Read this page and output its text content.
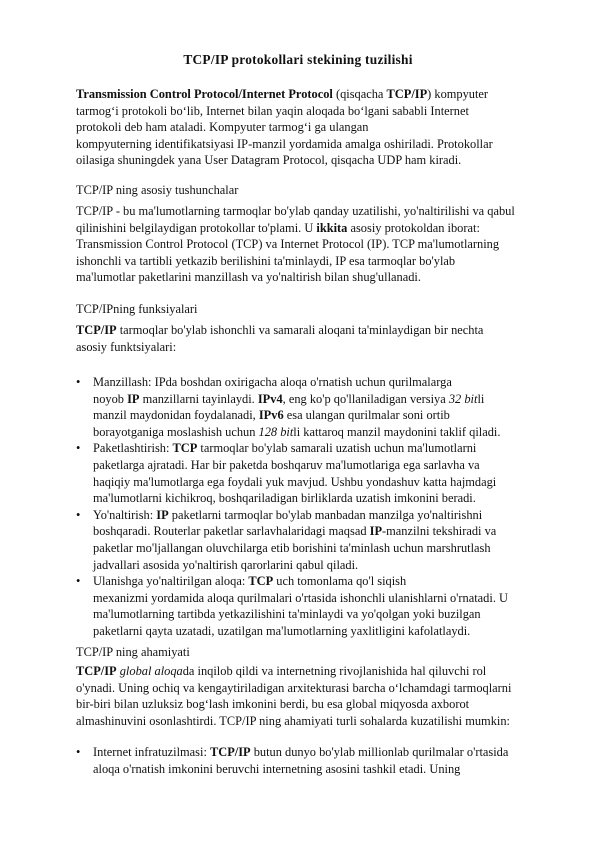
TCP/IP protokollari stekining tuzilishi

Transmission Control Protocol/Internet Protocol (qisqacha TCP/IP) kompyuter
tarmog‘i protokoli bo‘lib, Internet bilan yaqin aloqada bo‘lgani sababli Internet
protokoli deb ham ataladi. Kompyuter tarmog‘i ga ulangan
kompyuterning identifikatsiyasi IP-manzil yordamida amalga oshiriladi. Protokollar
oilasiga shuningdek yana User Datagram Protocol, qisqacha UDP ham kiradi.

TCP/IP ning asosiy tushunchalar

TCP/IP - bu ma'lumotlarning tarmoqlar bo'ylab qanday uzatilishi, yo'naltirilishi va qabul
qilinishini belgilaydigan protokollar to'plami. U ikkita asosiy protokoldan iborat:
Transmission Control Protocol (TCP) va Internet Protocol (IP). TCP ma'lumotlarning
ishonchli va tartibli yetkazib berilishini ta'minlaydi, IP esa tarmoqlar bo'ylab
ma'lumotlar paketlarini manzillash va yo'naltirish bilan shug'ullanadi.

TCP/IPning funksiyalari

TCP/IP tarmoqlar bo'ylab ishonchli va samarali aloqani ta'minlaydigan bir nechta
asosiy funktsiyalari:

• Manzillash: IPda boshdan oxirigacha aloqa o'rnatish uchun qurilmalarga
noyob IP manzillarni tayinlaydi. IPv4, eng ko'p qo'llaniladigan versiya 32 bitli
manzil maydonidan foydalanadi, IPv6 esa ulangan qurilmalar soni ortib
borayotganiga moslashish uchun 128 bitli kattaroq manzil maydonini taklif qiladi.
• Paketlashtirish: TCP tarmoqlar bo'ylab samarali uzatish uchun ma'lumotlarni
paketlarga ajratadi. Har bir paketda boshqaruv ma'lumotlariga ega sarlavha va
haqiqiy ma'lumotlarga ega foydali yuk mavjud. Ushbu yondashuv katta hajmdagi
ma'lumotlarni kichikroq, boshqariladigan birliklarda uzatish imkonini beradi.
• Yo'naltirish: IP paketlarni tarmoqlar bo'ylab manbadan manzilga yo'naltirishni
boshqaradi. Routerlar paketlar sarlavhalaridagi maqsad IP-manzilni tekshiradi va
paketlar mo'ljallangan oluvchilarga etib borishini ta'minlash uchun marshrutlash
jadvallari asosida yo'naltirish qarorlarini qabul qiladi.
• Ulanishga yo'naltirilgan aloqa: TCP uch tomonlama qo'l siqish
mexanizmi yordamida aloqa qurilmalari o'rtasida ishonchli ulanishlarni o'rnatadi. U
ma'lumotlarning tartibda yetkazilishini ta'minlaydi va yo'qolgan yoki buzilgan
paketlarni qayta uzatadi, uzatilgan ma'lumotlarning yaxlitligini kafolatlaydi.
TCP/IP ning ahamiyati

TCP/IP global aloqada inqilob qildi va internetning rivojlanishida hal qiluvchi rol
o'ynadi. Uning ochiq va kengaytiriladigan arxitekturasi barcha o‘lchamdagi tarmoqlarni
bir-biri bilan uzluksiz bog‘lash imkonini berdi, bu esa global miqyosda axborot
almashinuvini osonlashtirdi. TCP/IP ning ahamiyati turli sohalarda kuzatilishi mumkin:

• Internet infratuzilmasi: TCP/IP butun dunyo bo'ylab millionlab qurilmalar o'rtasida
aloqa o'rnatish imkonini beruvchi internetning asosini tashkil etadi. Uning
